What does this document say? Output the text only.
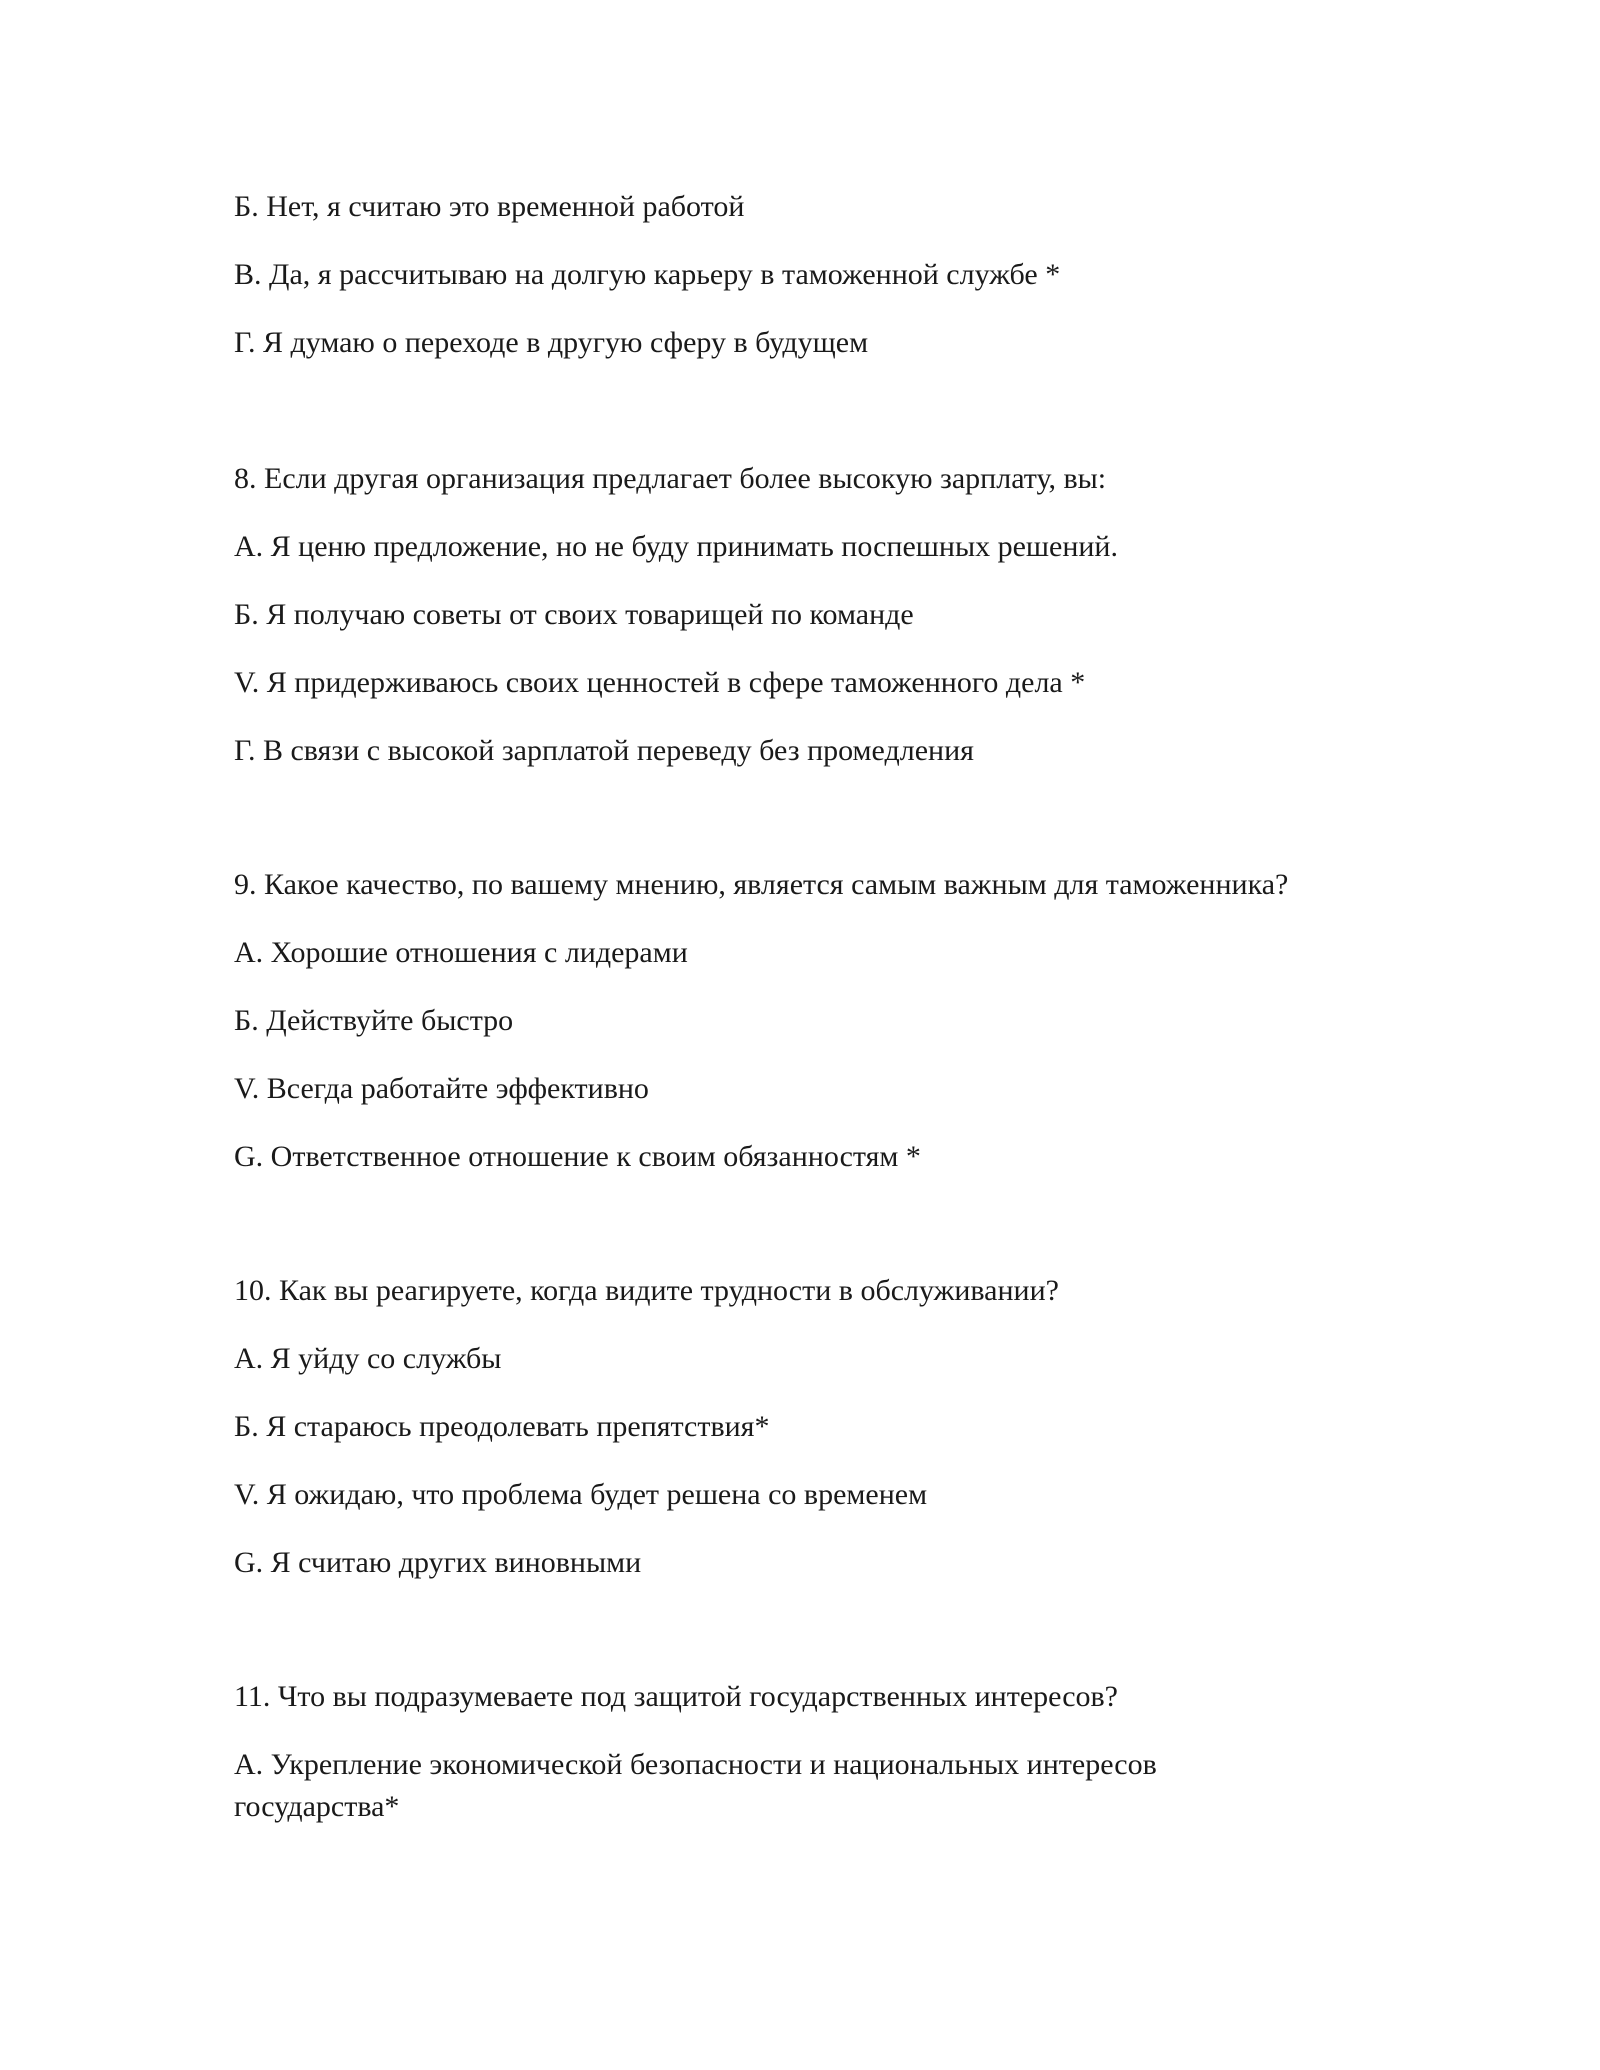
Б. Нет, я считаю это временной работой
В. Да, я рассчитываю на долгую карьеру в таможенной службе *
Г. Я думаю о переходе в другую сферу в будущем
8. Если другая организация предлагает более высокую зарплату, вы:
А. Я ценю предложение, но не буду принимать поспешных решений.
Б. Я получаю советы от своих товарищей по команде
V. Я придерживаюсь своих ценностей в сфере таможенного дела *
Г. В связи с высокой зарплатой переведу без промедления
9. Какое качество, по вашему мнению, является самым важным для таможенника?
А. Хорошие отношения с лидерами
Б. Действуйте быстро
V. Всегда работайте эффективно
G. Ответственное отношение к своим обязанностям *
10. Как вы реагируете, когда видите трудности в обслуживании?
А. Я уйду со службы
Б. Я стараюсь преодолевать препятствия*
V. Я ожидаю, что проблема будет решена со временем
G. Я считаю других виновными
11. Что вы подразумеваете под защитой государственных интересов?
А. Укрепление экономической безопасности и национальных интересов государства*
